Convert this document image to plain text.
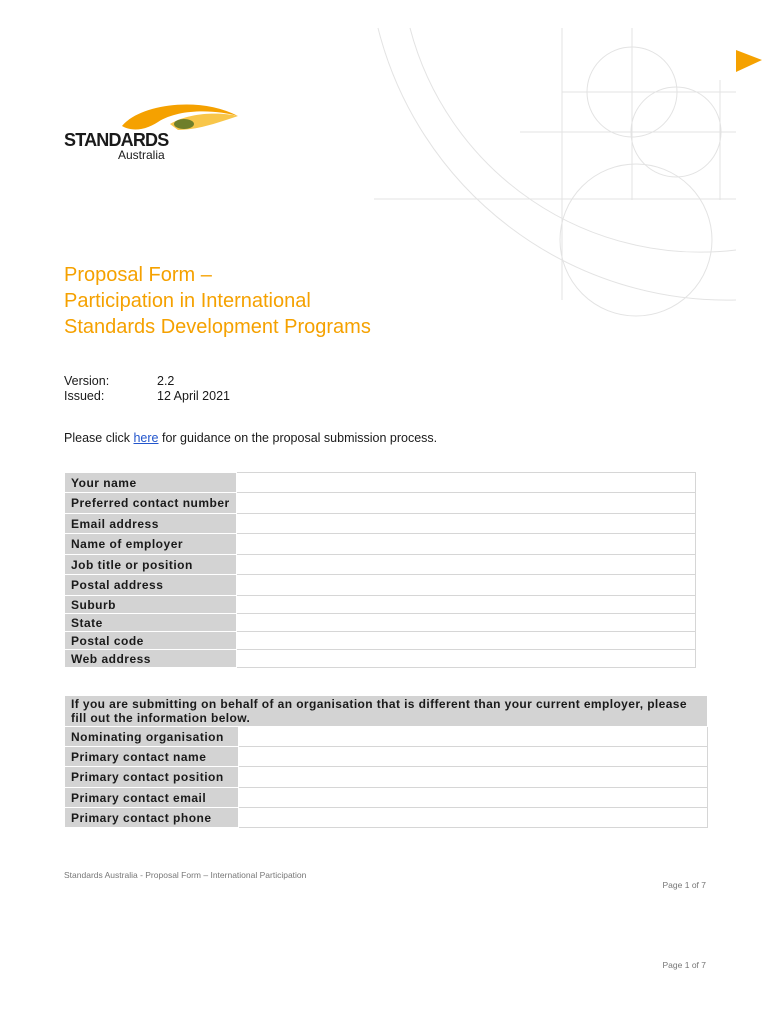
STANDARDS
Australia
Proposal Form –
Participation in International
Standards Development Programs
Version:	2.2
Issued:	12 April 2021
Please click here for guidance on the proposal submission process.
Your name	
Preferred contact number	
Email address	
Name of employer	
Job title or position	
Postal address	
Suburb	
State	
Postal code	
Web address	
If you are submitting on behalf of an organisation that is different than your current employer, please fill out the information below.	
Nominating organisation	
Primary contact name	
Primary contact position	
Primary contact email	
Primary contact phone	
Standards Australia - Proposal Form – International Participation
Page 1 of 7
Page 1 of 7
